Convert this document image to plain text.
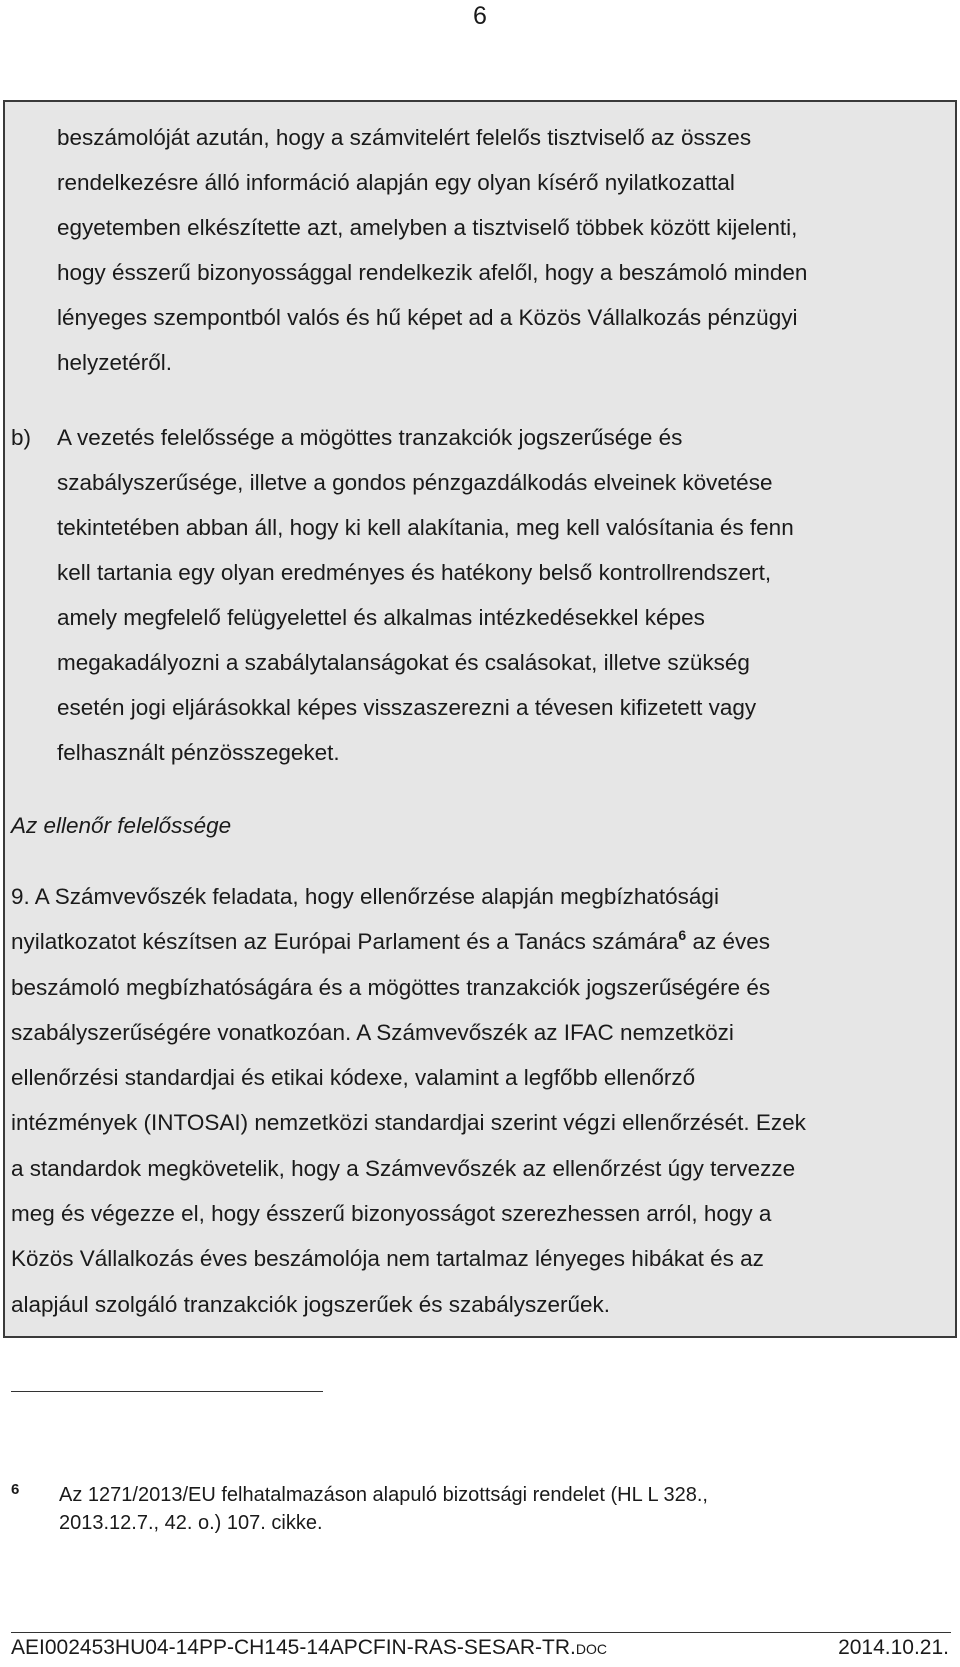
6
beszámolóját azután, hogy a számvitelért felelős tisztviselő az összes
rendelkezésre álló információ alapján egy olyan kísérő nyilatkozattal
egyetemben elkészítette azt, amelyben a tisztviselő többek között kijelenti,
hogy ésszerű bizonyossággal rendelkezik afelől, hogy a beszámoló minden
lényeges szempontból valós és hű képet ad a Közös Vállalkozás pénzügyi
helyzetéről.
b) A vezetés felelőssége a mögöttes tranzakciók jogszerűsége és
szabályszerűsége, illetve a gondos pénzgazdálkodás elveinek követése
tekintetében abban áll, hogy ki kell alakítania, meg kell valósítania és fenn
kell tartania egy olyan eredményes és hatékony belső kontrollrendszert,
amely megfelelő felügyelettel és alkalmas intézkedésekkel képes
megakadályozni a szabálytalanságokat és csalásokat, illetve szükség
esetén jogi eljárásokkal képes visszaszerezni a tévesen kifizetett vagy
felhasznált pénzösszegeket.
Az ellenőr felelőssége
9. A Számvevőszék feladata, hogy ellenőrzése alapján megbízhatósági
nyilatkozatot készítsen az Európai Parlament és a Tanács számára$^6$ az éves
beszámoló megbízhatóságára és a mögöttes tranzakciók jogszerűségére és
szabályszerűségére vonatkozóan. A Számvevőszék az IFAC nemzetközi
ellenőrzési standardjai és etikai kódexe, valamint a legfőbb ellenőrző
intézmények (INTOSAI) nemzetközi standardjai szerint végzi ellenőrzését. Ezek
a standardok megkövetelik, hogy a Számvevőszék az ellenőrzést úgy tervezze
meg és végezze el, hogy ésszerű bizonyosságot szerezhessen arról, hogy a
Közös Vállalkozás éves beszámolója nem tartalmaz lényeges hibákat és az
alapjául szolgáló tranzakciók jogszerűek és szabályszerűek.
6 Az 1271/2013/EU felhatalmazáson alapuló bizottsági rendelet (HL L 328.,
2013.12.7., 42. o.) 107. cikke.
AEI002453HU04-14PP-CH145-14APCFIN-RAS-SESAR-TR.DOC	2014.10.21.
